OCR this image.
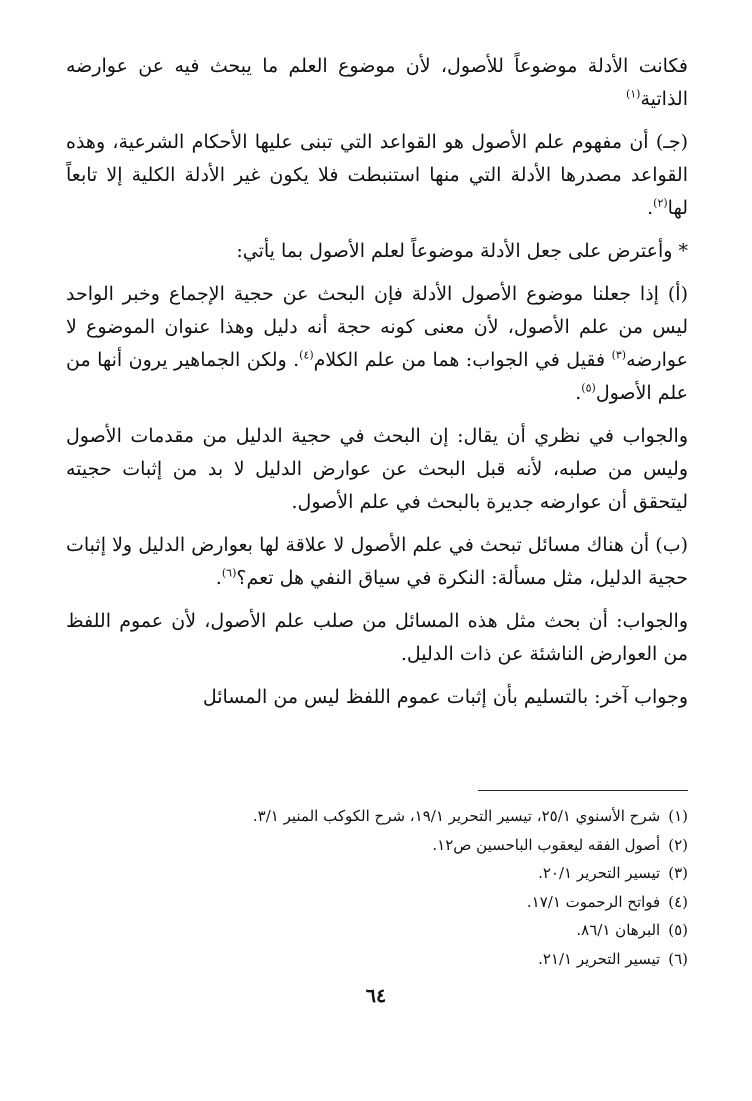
فكانت الأدلة موضوعاً للأصول، لأن موضوع العلم ما يبحث فيه عن عوارضه الذاتية$^{(١)}$

(جـ) أن مفهوم علم الأصول هو القواعد التي تبنى عليها الأحكام الشرعية، وهذه القواعد مصدرها الأدلة التي منها استنبطت فلا يكون غير الأدلة الكلية إلا تابعاً لها$^{(٢)}$.

* وأعترض على جعل الأدلة موضوعاً لعلم الأصول بما يأتي:

(أ) إذا جعلنا موضوع الأصول الأدلة فإن البحث عن حجية الإجماع وخبر الواحد ليس من علم الأصول، لأن معنى كونه حجة أنه دليل وهذا عنوان الموضوع لا عوارضه$^{(٣)}$ فقيل في الجواب: هما من علم الكلام$^{(٤)}$. ولكن الجماهير يرون أنها من علم الأصول$^{(٥)}$.

والجواب في نظري أن يقال: إن البحث في حجية الدليل من مقدمات الأصول وليس من صلبه، لأنه قبل البحث عن عوارض الدليل لا بد من إثبات حجيته ليتحقق أن عوارضه جديرة بالبحث في علم الأصول.

(ب) أن هناك مسائل تبحث في علم الأصول لا علاقة لها بعوارض الدليل ولا إثبات حجية الدليل، مثل مسألة: النكرة في سياق النفي هل تعم؟$^{(٦)}$.

والجواب: أن بحث مثل هذه المسائل من صلب علم الأصول، لأن عموم اللفظ من العوارض الناشئة عن ذات الدليل.

وجواب آخر: بالتسليم بأن إثبات عموم اللفظ ليس من المسائل

(١)شرح الأسنوي ٢٥/١، تيسير التحرير ١٩/١، شرح الكوكب المنير ٣/١.
(٢)أصول الفقه ليعقوب الباحسين ص١٢.
(٣)تيسير التحرير ٢٠/١.
(٤)فواتح الرحموت ١٧/١.
(٥)البرهان ٨٦/١.
(٦)تيسير التحرير ٢١/١.
٦٤
